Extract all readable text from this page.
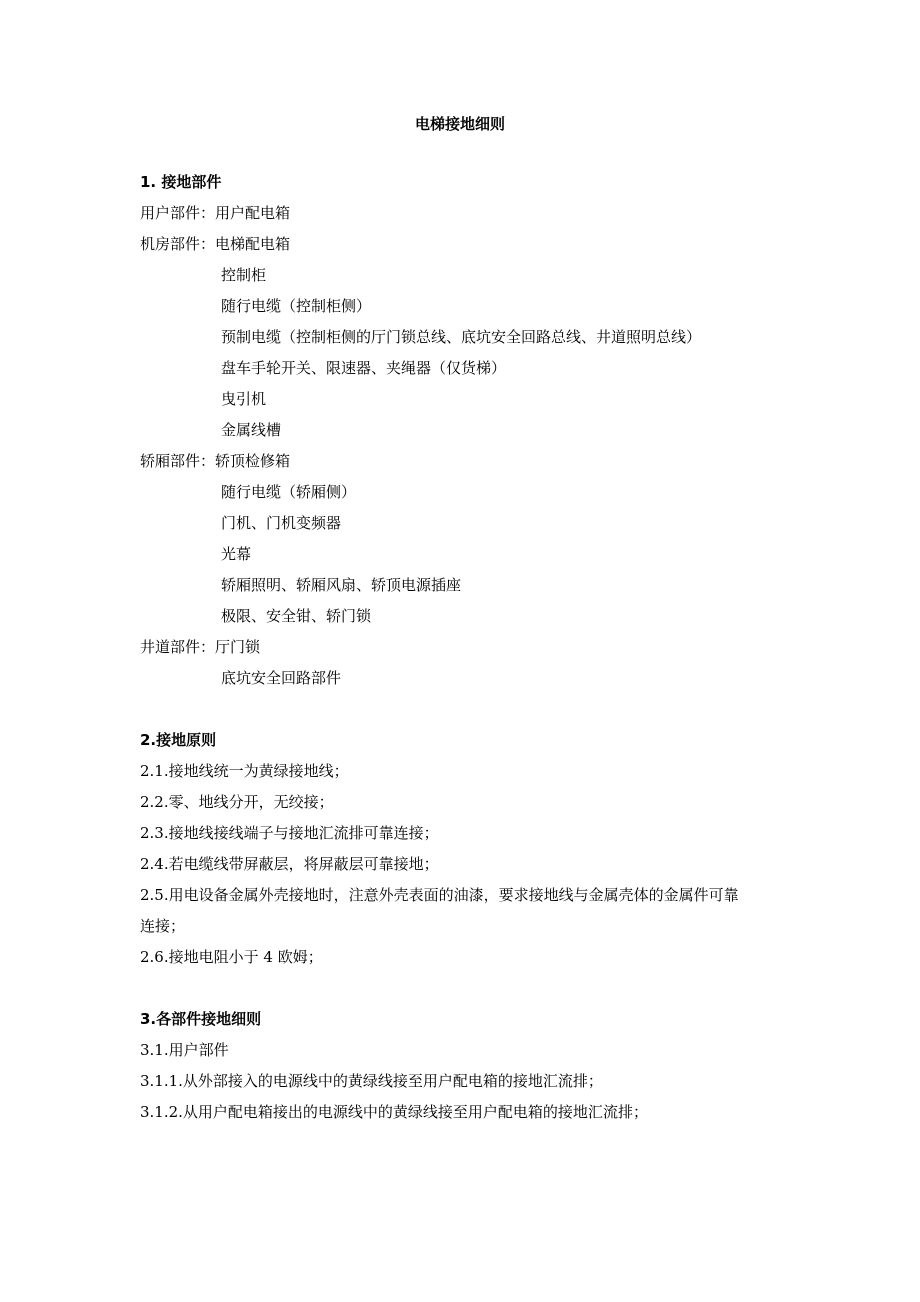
电梯接地细则
1. 接地部件
用户部件：用户配电箱
机房部件：电梯配电箱
控制柜
随行电缆（控制柜侧）
预制电缆（控制柜侧的厅门锁总线、底坑安全回路总线、井道照明总线）
盘车手轮开关、限速器、夹绳器（仅货梯）
曳引机
金属线槽
轿厢部件：轿顶检修箱
随行电缆（轿厢侧）
门机、门机变频器
光幕
轿厢照明、轿厢风扇、轿顶电源插座
极限、安全钳、轿门锁
井道部件：厅门锁
底坑安全回路部件
2.接地原则
2.1.接地线统一为黄绿接地线；
2.2.零、地线分开，无绞接；
2.3.接地线接线端子与接地汇流排可靠连接；
2.4.若电缆线带屏蔽层，将屏蔽层可靠接地；
2.5.用电设备金属外壳接地时，注意外壳表面的油漆，要求接地线与金属壳体的金属件可靠
连接；
2.6.接地电阻小于 4 欧姆；
3.各部件接地细则
3.1.用户部件
3.1.1.从外部接入的电源线中的黄绿线接至用户配电箱的接地汇流排；
3.1.2.从用户配电箱接出的电源线中的黄绿线接至用户配电箱的接地汇流排；
